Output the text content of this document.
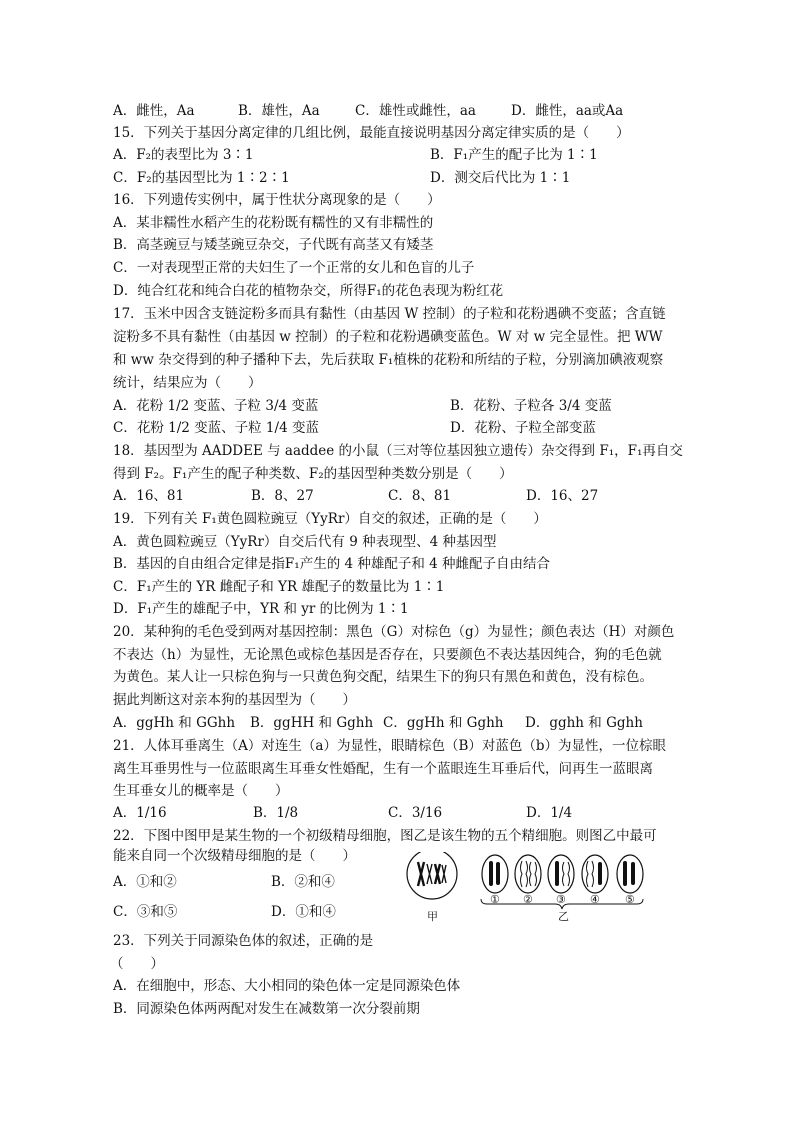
A．雌性，Aa	B．雄性，Aa	C．雄性或雌性，aa	D．雌性，aa或Aa
15．下列关于基因分离定律的几组比例，最能直接说明基因分离定律实质的是（　　）
A．F₂的表型比为 3∶1	B．F₁产生的配子比为 1∶1
C．F₂的基因型比为 1∶2∶1	D．测交后代比为 1∶1
16．下列遗传实例中，属于性状分离现象的是（　　）
A．某非糯性水稻产生的花粉既有糯性的又有非糯性的
B．高茎豌豆与矮茎豌豆杂交，子代既有高茎又有矮茎
C．一对表现型正常的夫妇生了一个正常的女儿和色盲的儿子
D．纯合红花和纯合白花的植物杂交，所得F₁的花色表现为粉红花
17．玉米中因含支链淀粉多而具有黏性（由基因 W 控制）的子粒和花粉遇碘不变蓝；含直链
淀粉多不具有黏性（由基因 w 控制）的子粒和花粉遇碘变蓝色。W 对 w 完全显性。把 WW
和 ww 杂交得到的种子播种下去，先后获取 F₁植株的花粉和所结的子粒，分别滴加碘液观察
统计，结果应为（　　）
A．花粉 1/2 变蓝、子粒 3/4 变蓝	B．花粉、子粒各 3/4 变蓝
C．花粉 1/2 变蓝、子粒 1/4 变蓝	D．花粉、子粒全部变蓝
18．基因型为 AADDEE 与 aaddee 的小鼠（三对等位基因独立遗传）杂交得到 F₁，F₁再自交
得到 F₂。F₁产生的配子种类数、F₂的基因型种类数分别是（　　）
A．16、81	B．8、27	C．8、81	D．16、27
19．下列有关 F₁黄色圆粒豌豆（YyRr）自交的叙述，正确的是（　　）
A．黄色圆粒豌豆（YyRr）自交后代有 9 种表现型、4 种基因型
B．基因的自由组合定律是指F₁产生的 4 种雄配子和 4 种雌配子自由结合
C．F₁产生的 YR 雌配子和 YR 雄配子的数量比为 1∶1
D．F₁产生的雄配子中，YR 和 yr 的比例为 1∶1
20．某种狗的毛色受到两对基因控制：黑色（G）对棕色（g）为显性；颜色表达（H）对颜色
不表达（h）为显性，无论黑色或棕色基因是否存在，只要颜色不表达基因纯合，狗的毛色就
为黄色。某人让一只棕色狗与一只黄色狗交配，结果生下的狗只有黑色和黄色，没有棕色。
据此判断这对亲本狗的基因型为（　　）
A．ggHh 和 GGhh B．ggHH 和 Gghh C．ggHh 和 Gghh D．gghh 和 Gghh
21．人体耳垂离生（A）对连生（a）为显性，眼睛棕色（B）对蓝色（b）为显性，一位棕眼
离生耳垂男性与一位蓝眼离生耳垂女性婚配，生有一个蓝眼连生耳垂后代，问再生一蓝眼离
生耳垂女儿的概率是（　　）
A．1/16	B．1/8	C．3/16	D．1/4
22．下图中图甲是某生物的一个初级精母细胞，图乙是该生物的五个精细胞。则图乙中最可
能来自同一个次级精母细胞的是（　　）
A．①和②	B．②和④
C．③和⑤	D．①和④	甲	乙
① ② ③ ④ ⑤
23．下列关于同源染色体的叙述，正确的是
（　　）
A．在细胞中，形态、大小相同的染色体一定是同源染色体
B．同源染色体两两配对发生在减数第一次分裂前期
